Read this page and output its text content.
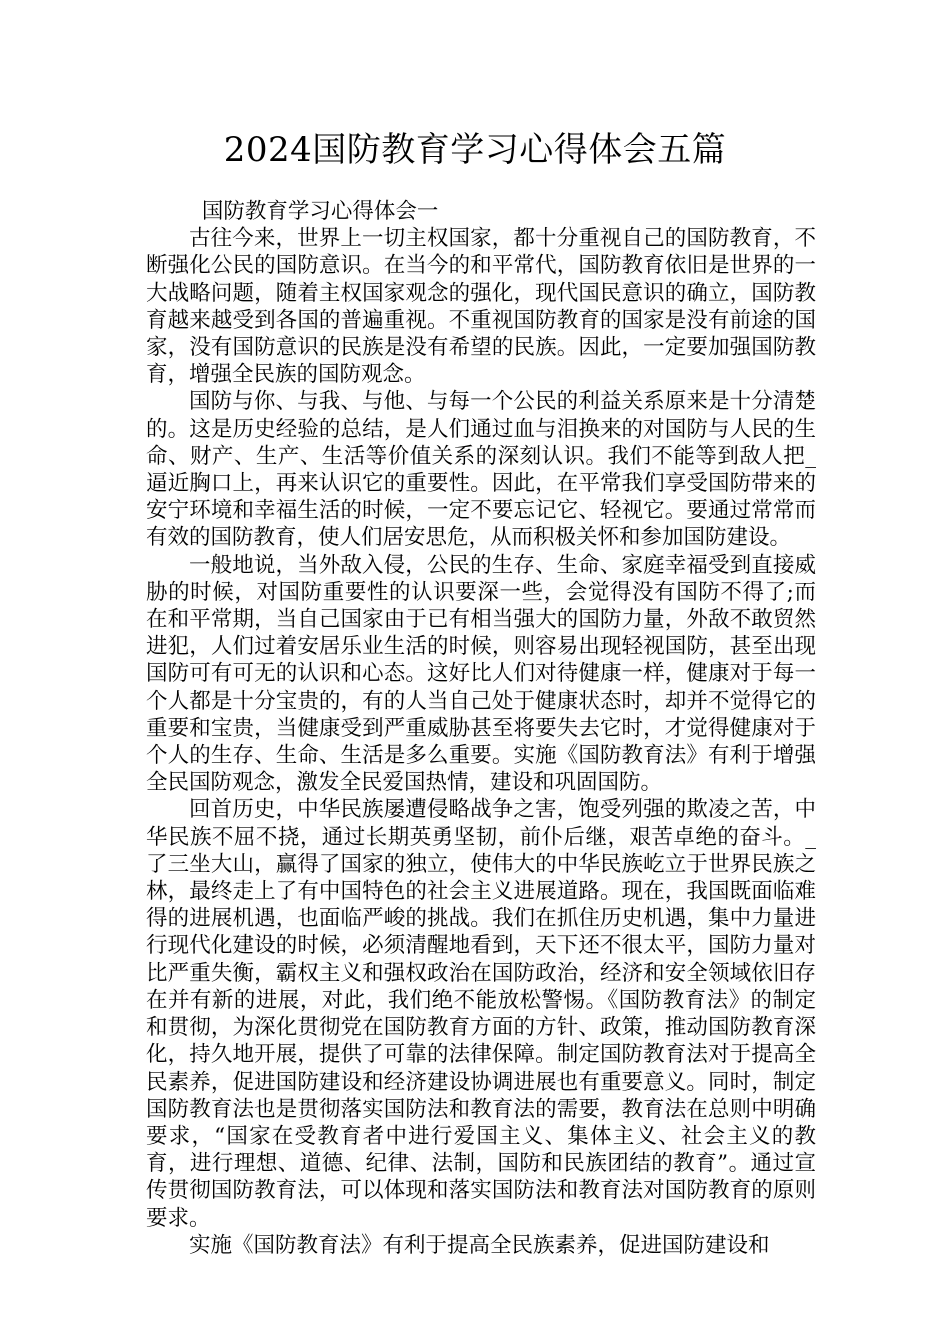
2024国防教育学习心得体会五篇

国防教育学习心得体会一

古往今来，世界上一切主权国家，都十分重视自己的国防教育，不断强化公民的国防意识。在当今的和平常代，国防教育依旧是世界的一大战略问题，随着主权国家观念的强化，现代国民意识的确立，国防教育越来越受到各国的普遍重视。不重视国防教育的国家是没有前途的国家，没有国防意识的民族是没有希望的民族。因此，一定要加强国防教育，增强全民族的国防观念。

国防与你、与我、与他、与每一个公民的利益关系原来是十分清楚的。这是历史经验的总结，是人们通过血与泪换来的对国防与人民的生命、财产、生产、生活等价值关系的深刻认识。我们不能等到敌人把_逼近胸口上，再来认识它的重要性。因此，在平常我们享受国防带来的安宁环境和幸福生活的时候，一定不要忘记它、轻视它。要通过常常而有效的国防教育，使人们居安思危，从而积极关怀和参加国防建设。

一般地说，当外敌入侵，公民的生存、生命、家庭幸福受到直接威胁的时候，对国防重要性的认识要深一些，会觉得没有国防不得了;而在和平常期，当自己国家由于已有相当强大的国防力量，外敌不敢贸然进犯，人们过着安居乐业生活的时候，则容易出现轻视国防，甚至出现国防可有可无的认识和心态。这好比人们对待健康一样，健康对于每一个人都是十分宝贵的，有的人当自己处于健康状态时，却并不觉得它的重要和宝贵，当健康受到严重威胁甚至将要失去它时，才觉得健康对于个人的生存、生命、生活是多么重要。实施《国防教育法》有利于增强全民国防观念，激发全民爱国热情，建设和巩固国防。

回首历史，中华民族屡遭侵略战争之害，饱受列强的欺凌之苦，中华民族不屈不挠，通过长期英勇坚韧，前仆后继，艰苦卓绝的奋斗。_了三坐大山，赢得了国家的独立，使伟大的中华民族屹立于世界民族之林，最终走上了有中国特色的社会主义进展道路。现在，我国既面临难得的进展机遇，也面临严峻的挑战。我们在抓住历史机遇，集中力量进行现代化建设的时候，必须清醒地看到，天下还不很太平，国防力量对比严重失衡，霸权主义和强权政治在国防政治，经济和安全领域依旧存在并有新的进展，对此，我们绝不能放松警惕。《国防教育法》的制定和贯彻，为深化贯彻党在国防教育方面的方针、政策，推动国防教育深化，持久地开展，提供了可靠的法律保障。制定国防教育法对于提高全民素养，促进国防建设和经济建设协调进展也有重要意义。同时，制定国防教育法也是贯彻落实国防法和教育法的需要，教育法在总则中明确要求，“国家在受教育者中进行爱国主义、集体主义、社会主义的教育，进行理想、道德、纪律、法制，国防和民族团结的教育”。通过宣传贯彻国防教育法，可以体现和落实国防法和教育法对国防教育的原则要求。

实施《国防教育法》有利于提高全民族素养，促进国防建设和
